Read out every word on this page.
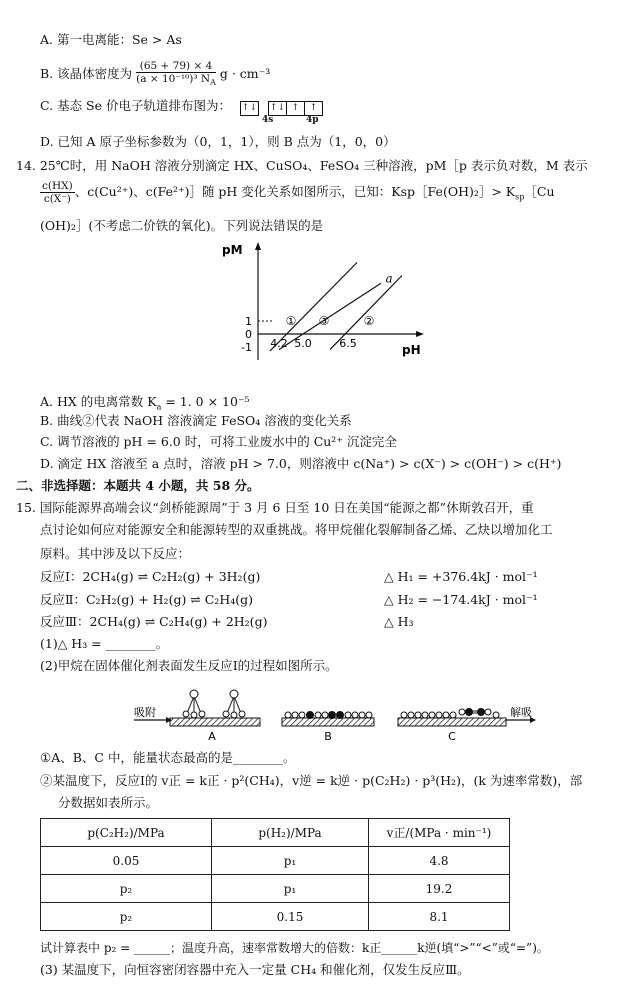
A. 第一电离能：Se > As
B. 该晶体密度为 $\frac{(65 + 79) \times 4}{(a \times 10^{-10})^3 N_A}$ g · cm⁻³
C. 基态 Se 价电子轨道排布图为： ↑↓
↑↓ ↑	↑
4s	4p
D. 已知 A 原子坐标参数为（0，1，1），则 B 点为（1，0，0）
14. 25℃时，用 NaOH 溶液分别滴定 HX、CuSO₄、FeSO₄ 三种溶液，pM［p 表示负对数，M 表示
$\frac{c(HX)}{c(X^-)}$ 、c(Cu²⁺)、c(Fe²⁺)］随 pH 变化关系如图所示，已知：Ksp［Fe(OH)₂］> $K_{sp}[Cu$
(OH)₂］(不考虑二价铁的氧化)。下列说法错误的是
pM
pH
1
0
-1 4.2 5.0	6.5
① ③	②
a
A. HX 的电离常数 $K_a = 1$. 0 × 10⁻⁵
B. 曲线②代表 NaOH 溶液滴定 FeSO₄ 溶液的变化关系
C. 调节溶液的 pH = 6.0 时，可将工业废水中的 Cu²⁺ 沉淀完全
D. 滴定 HX 溶液至 a 点时，溶液 pH > 7.0，则溶液中 c(Na⁺) > c(X⁻) > c(OH⁻) > c(H⁺)
二、非选择题：本题共 4 小题，共 58 分。
15. 国际能源界高端会议“剑桥能源周”于 3 月 6 日至 10 日在美国“能源之都”休斯敦召开，重
点讨论如何应对能源安全和能源转型的双重挑战。将甲烷催化裂解制备乙烯、乙炔以增加化工
原料。其中涉及以下反应：
反应Ⅰ：2CH₄(g) ⇌ C₂H₂(g) + 3H₂(g)	△ H₁ = +376.4kJ · mol⁻¹
反应Ⅱ：C₂H₂(g) + H₂(g) ⇌ C₂H₄(g)	△ H₂ = −174.4kJ · mol⁻¹
反应Ⅲ：2CH₄(g) ⇌ C₂H₄(g) + 2H₂(g)	△ H₃
(1)△ H₃ = ________。
(2)甲烷在固体催化剂表面发生反应Ⅰ的过程如图所示。
吸附	解吸
A	B	C
①A、B、C 中，能量状态最高的是________。
②某温度下，反应Ⅰ的 v正 = k正 · p²(CH₄)，v逆 = k逆 · p(C₂H₂) · p³(H₂)，(k 为速率常数)，部
分数据如表所示。
p(C₂H₂)/MPa	p(H₂)/MPa	v正/(MPa · min⁻¹)
0.05	p₁	4.8
p₂	p₁	19.2
p₂	0.15	8.1
试计算表中 p₂ = ______；温度升高，速率常数增大的倍数：k正______k逆(填“>”“<”或“=”)。
(3) 某温度下，向恒容密闭容器中充入一定量 CH₄ 和催化剂，仅发生反应Ⅲ。
